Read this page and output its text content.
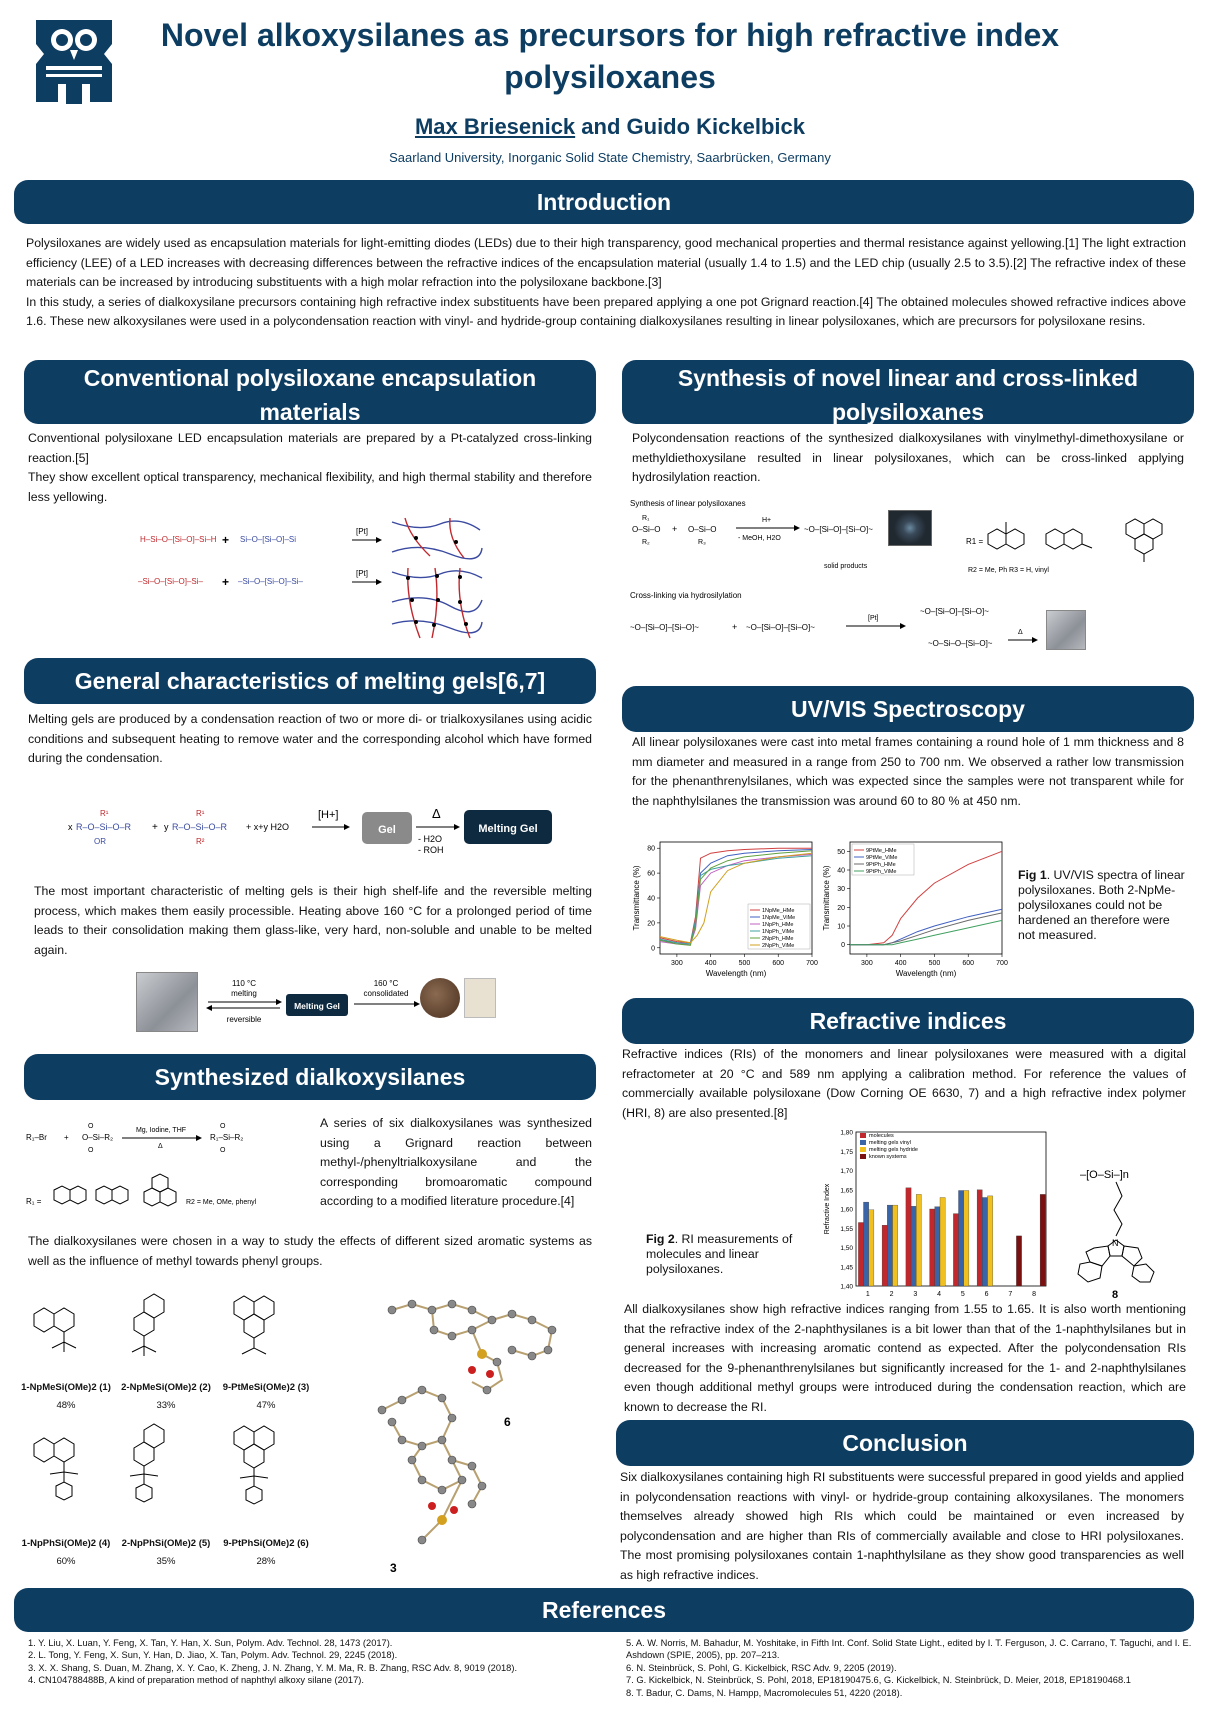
Novel alkoxysilanes as precursors for high refractive index
polysiloxanes
Max Briesenick and Guido Kickelbick
Saarland University, Inorganic Solid State Chemistry, Saarbrücken, Germany
Introduction
Polysiloxanes are widely used as encapsulation materials for light-emitting diodes (LEDs) due to their high transparency, good mechanical properties and thermal resistance against yellowing.[1] The light extraction efficiency (LEE) of a LED increases with decreasing differences between the refractive indices of the encapsulation material (usually 1.4 to 1.5) and the LED chip (usually 2.5 to 3.5).[2] The refractive index of these materials can be increased by introducing substituents with a high molar refraction into the polysiloxane backbone.[3]
In this study, a series of dialkoxysilane precursors containing high refractive index substituents have been prepared applying a one pot Grignard reaction.[4] The obtained molecules showed refractive indices above 1.6. These new alkoxysilanes were used in a polycondensation reaction with vinyl- and hydride-group containing dialkoxysilanes resulting in linear polysiloxanes, which are precursors for polysiloxane resins.
Conventional polysiloxane encapsulation
materials
Conventional polysiloxane LED encapsulation materials are prepared by a Pt-catalyzed cross-linking reaction.[5]
They show excellent optical transparency, mechanical flexibility, and high thermal stability and therefore less yellowing.
H–Si–O–[Si–O]–Si–H
–Si–O–[Si–O]–Si–
Si–O–[Si–O]–Si
–Si–O–[Si–O]–Si–
+
+
[Pt]
[Pt]
General characteristics of melting gels[6,7]
Melting gels are produced by a condensation reaction of two or more di- or trialkoxysilanes using acidic conditions and subsequent heating to remove water and the corresponding alcohol which have formed during the condensation.
x R–O–Si–O–R
OR
R¹
+ y R–O–Si–O–R
R¹
R²
+ x+y H2O
[H+]
Gel
Δ
- H2O
- ROH
Melting Gel
The most important characteristic of melting gels is their high shelf-life and the reversible melting process, which makes them easily processible. Heating above 160 °C for a prolonged period of time leads to their consolidation making them glass-like, very hard, non-soluble and unable to be melted again.
110 °C
melting
reversible
Melting Gel
160 °C
consolidated
Synthesized dialkoxysilanes
R₁–Br + O–Si–R₂
O
O
Mg, Iodine, THF
Δ
R₁–Si–R₂
O
O
R₁ =	R2 = Me, OMe, phenyl
A series of six dialkoxysilanes was synthesized using a Grignard reaction between methyl-/phenyltrialkoxysilane and the corresponding bromoaromatic compound according to a modified literature procedure.[4]
The dialkoxysilanes were chosen in a way to study the effects of different sized aromatic systems as well as the influence of methyl towards phenyl groups.
1-NpMeSi(OMe)2 (1)
48%
2-NpMeSi(OMe)2 (2)
33%
9-PtMeSi(OMe)2 (3)
47%
1-NpPhSi(OMe)2 (4)
60%
2-NpPhSi(OMe)2 (5)
35%
9-PtPhSi(OMe)2 (6)
28%
6
3
Synthesis of novel linear and cross-linked
polysiloxanes
Polycondensation reactions of the synthesized dialkoxysilanes with vinylmethyl-dimethoxysilane or methyldiethoxysilane resulted in linear polysiloxanes, which can be cross-linked applying hydrosilylation reaction.
Synthesis of linear polysiloxanes
O–Si–O
R₁
R₂
+ O–Si–O
R₃
H+
- MeOH, H2O
~O–[Si–O]–[Si–O]~
solid products
R1 =
R2 = Me, Ph R3 = H, vinyl
Cross-linking via hydrosilylation
~O–[Si–O]–[Si–O]~	+ ~O–[Si–O]–[Si–O]~
[Pt]
~O–[Si–O]–[Si–O]~
~O–Si–O–[Si–O]~
Δ
UV/VIS Spectroscopy
All linear polysiloxanes were cast into metal frames containing a round hole of 1 mm thickness and 8 mm diameter and measured in a range from 250 to 700 nm. We observed a rather low transmission for the phenanthrenylsilanes, which was expected since the samples were not transparent while for the naphthylsilanes the transmission was around 60 to 80 % at 450 nm.
300	400	500	600	700
0
20
40
60
80
Wavelength (nm)
Transmittance (%)	1NpMe_HMe
1NpMe_ViMe
1NpPh_HMe
1NpPh_ViMe
2NpPh_HMe
2NpPh_ViMe
300	400	500	600	700
0
10
20
30
40
50
Wavelength (nm)
Transmittance (%)
9PtMe_HMe
9PtMe_ViMe
9PtPh_HMe
9PtPh_ViMe	Fig 1. UV/VIS spectra of linear polysiloxanes. Both 2-NpMe-polysiloxanes could not be hardened an therefore were not measured.
Refractive indices
Refractive indices (RIs) of the monomers and linear polysiloxanes were measured with a digital refractometer at 20 °C and 589 nm applying a calibration method. For reference the values of commercially available polysiloxane (Dow Corning OE 6630, 7) and a high refractive index polymer (HRI, 8) are also presented.[8]
Fig 2. RI measurements of molecules and linear polysiloxanes.
1,40
1,45
1,50
1,55
1,60
1,65
1,70
1,75
1,80
Refractive Index
1	2	3	4	5	6	7	8
molecules
melting gels vinyl
melting gels hydride
known systems
–[O–Si–]n
N
8
All dialkoxysilanes show high refractive indices ranging from 1.55 to 1.65. It is also worth mentioning that the refractive index of the 2-naphthysilanes is a bit lower than that of the 1-naphthylsilanes but in general increases with increasing aromatic contend as expected. After the polycondensation RIs decreased for the 9-phenanthrenylsilanes but significantly increased for the 1- and 2-naphthylsilanes even though additional methyl groups were introduced during the condensation reaction, which are known to decrease the RI.
Conclusion
Six dialkoxysilanes containing high RI substituents were successful prepared in good yields and applied in polycondensation reactions with vinyl- or hydride-group containing alkoxysilanes. The monomers themselves already showed high RIs which could be maintained or even increased by polycondensation and are higher than RIs of commercially available and close to HRI polysiloxanes. The most promising polysiloxanes contain 1-naphthylsilane as they show good transparencies as well as high refractive indices.
References
1. Y. Liu, X. Luan, Y. Feng, X. Tan, Y. Han, X. Sun, Polym. Adv. Technol. 28, 1473 (2017).
2. L. Tong, Y. Feng, X. Sun, Y. Han, D. Jiao, X. Tan, Polym. Adv. Technol. 29, 2245 (2018).
3. X. X. Shang, S. Duan, M. Zhang, X. Y. Cao, K. Zheng, J. N. Zhang, Y. M. Ma, R. B. Zhang, RSC Adv. 8, 9019 (2018).
4. CN104788488B, A kind of preparation method of naphthyl alkoxy silane (2017).
5. A. W. Norris, M. Bahadur, M. Yoshitake, in Fifth Int. Conf. Solid State Light., edited by I. T. Ferguson, J. C. Carrano, T. Taguchi, and I. E. Ashdown (SPIE, 2005), pp. 207–213.
6. N. Steinbrück, S. Pohl, G. Kickelbick, RSC Adv. 9, 2205 (2019).
7. G. Kickelbick, N. Steinbrück, S. Pohl, 2018, EP18190475.6, G. Kickelbick, N. Steinbrück, D. Meier, 2018, EP18190468.1
8. T. Badur, C. Dams, N. Hampp, Macromolecules 51, 4220 (2018).
